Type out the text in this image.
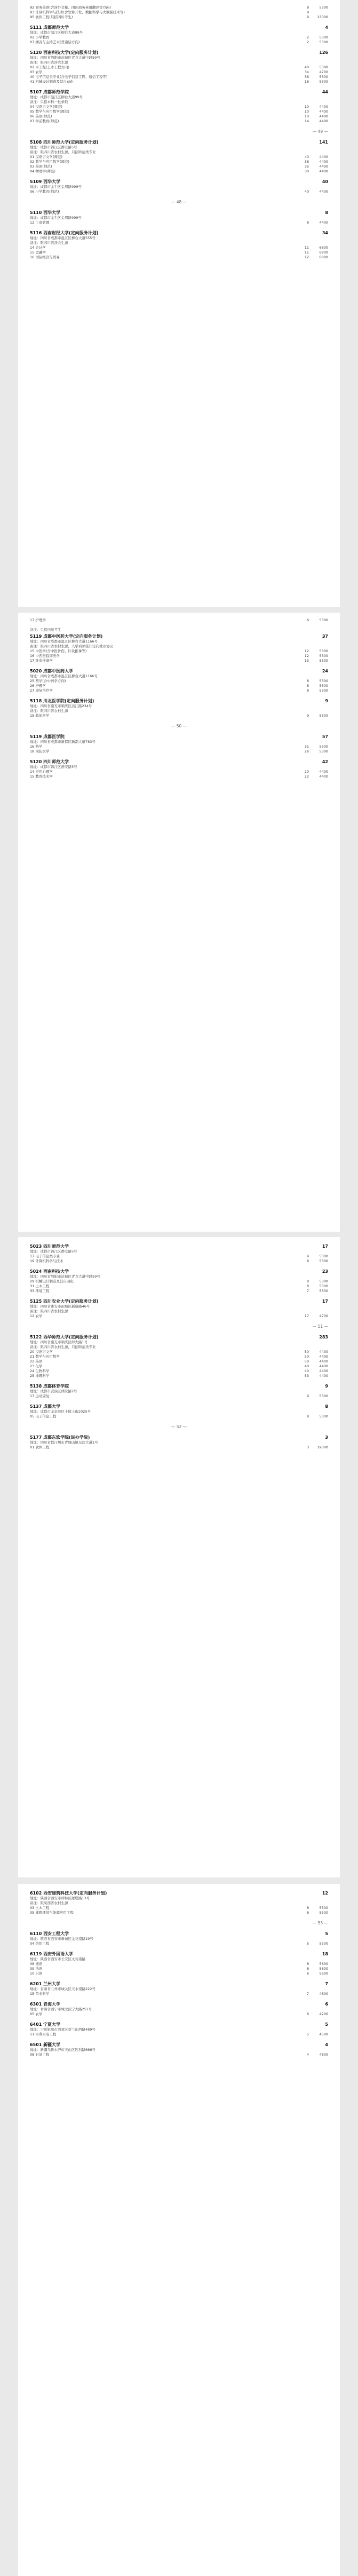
92 商务英语(含涉外文秘、国际商务英语翻译等方向)	8	5300
93 计算机科学与技术(含软件开发、数据科学与大数据技术等)	9
95 软件工程(只招四川考生)	9	13000
5111 成都师范大学	4
地址：成都市温江区柳台大道99号
02 小学教育	2	5300
07 播音与主持艺术(普通话方向)	2	5300
5120 西南科技大学(定向服务计划)	126
地址：四川省绵阳市涪城区青龙大道中段59号
备注：限四川省涉农生源
02 木工程(土木工程方向)	40	5300
03 农学	34	4700
40 电子信息类专业(含电子信息工程、通信工程等)	36	5300
41 机械设计制造及其自动化	16	5300
5107 成都师范学院	44
地址：成都市温江区柳台大道99号
备注：只招本科一批录取
04 汉语言文学(师范)	10	4400
05 数学与应用数学(师范)	10	4400
06 英语(师范)	10	4400
07 学前教育(师范)	14	4400
— 49 —
5108 四川师范大学(定向服务计划)	141
地址：成都市锦江区静安路5号
备注：限四川省农村生源，只招师范类专业
01 汉语言文学(师范)	40	4400
02 数学与应用数学(师范)	36	4400
03 英语(师范)	35	4400
04 物理学(师范)	30	4400
5109 西华大学	40
地址：成都市金牛区金周路999号
06 小学教育(师范)	40	4400
— 48 —
5110 西华大学	8
地址：成都市金牛区金周路999号
12 工商管理	8	4400
5116 西南财经大学(定向服务计划)	34
地址：四川省成都市温江区柳台大道555号
备注：限四川省涉农生源
14 会计学	11	6800
15 金融学	11	6800
16 国际经济与贸易	12	6800
17 护理学	6	5300
备注：只招四川考生
5119 成都中医药大学(定向服务计划)	37
地址：四川省成都市温江区柳台大道1166号
备注：限四川省农村生源，入学后须签订定向就业协议
15 中医学(含中医骨伤、针灸推拿等)	12	5300
16 中西医临床医学	12	5300
17 针灸推拿学	13	5300
5020 成都中医药大学	24
地址：四川省成都市温江区柳台大道1166号
25 药学(含中药学方向)	8	5300
26 护理学	8	5300
27 康复治疗学	8	5300
5118 川北医学院(定向服务计划)	9
地址：四川省南充市顺庆区涪江路234号
备注：限四川省农村生源
15 临床医学	9	5300
— 50 —
5119 成都医学院	57
地址：四川省成都市新都区新都大道783号
16 药学	31	5300
18 预防医学	26	5300
5120 四川师范大学	42
地址：成都市锦江区静安路5号
14 应用心理学	20	4400
15 教育技术学	22	4400
5023 四川师范大学	17
地址：成都市锦江区静安路5号
17 电子信息类专业	9	5300
19 计算机科学与技术	8	5300
5024 西南科技大学	23
地址：四川省绵阳市涪城区青龙大道中段59号
29 机械设计制造及其自动化	8	5300
31 土木工程	8	5300
33 环境工程	7	5300
5125 四川农业大学(定向服务计划)	17
地址：四川省雅安市雨城区新康路46号
备注：限四川省农村生源
12 农学	17	4700
— 51 —
5122 西华师范大学(定向服务计划)	283
地址：四川省南充市顺庆区师大路1号
备注：限四川省农村生源，只招师范类专业
20 汉语言文学	50	4400
21 数学与应用数学	50	4400
22 英语	50	4400
23 化学	40	4400
24 生物科学	40	4400
25 地理科学	53	4400
5138 成都体育学院	9
地址：成都市武侯区体院路2号
17 运动康复	9	5300
5137 成都大学	8
地址：成都市龙泉驿区十陵上街2025号
05 电子信息工程	8	5300
— 52 —
5177 成都东软学院(民办学院)	3
地址：四川省都江堰市青城山镇东软大道1号
01 软件工程	3	19000
6102 西安建筑科技大学(定向服务计划)	12
地址：陕西省西安市碑林区雁塔路13号
备注：限陕西省农村生源
03 土木工程	6	5500
05 建筑环境与能源应用工程	6	5500
— 53 —
6110 西安工程大学	5
地址：陕西省西安市新城区金花南路19号
04 纺织工程	5	5500
6119 西安外国语大学	18
地址：陕西省西安市长安区文苑南路
08 德语	6	5600
09 法语	6	5600
10 日语	6	5600
6201 兰州大学	7
地址：甘肃省兰州市城关区天水南路222号
15 草业科学	7	4600
6301 青海大学	6
地址：青海省西宁市城北区宁大路251号
05 农学	6	4200
6401 宁夏大学	5
地址：宁夏银川市西夏区贺兰山西路489号
11 水利水电工程	5	4500
6501 新疆大学	4
地址：新疆乌鲁木齐市天山区胜利路666号
08 石油工程	4	4800
